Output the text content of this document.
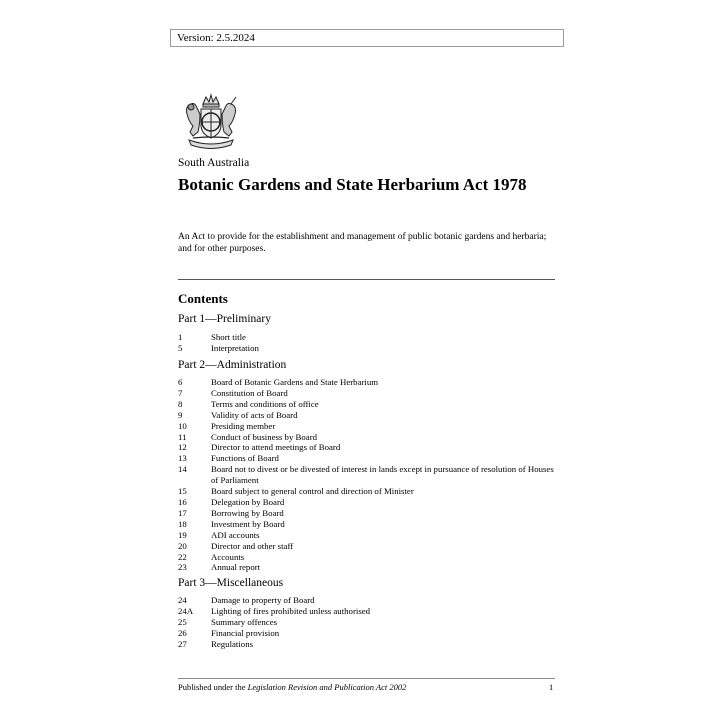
Version: 2.5.2024
South Australia
Botanic Gardens and State Herbarium Act 1978
An Act to provide for the establishment and management of public botanic gardens and herbaria; and for other purposes.
Contents
Part 1—Preliminary
1	Short title
5	Interpretation
Part 2—Administration
6	Board of Botanic Gardens and State Herbarium
7	Constitution of Board
8	Terms and conditions of office
9	Validity of acts of Board
10	Presiding member
11	Conduct of business by Board
12	Director to attend meetings of Board
13	Functions of Board
14	Board not to divest or be divested of interest in lands except in pursuance of resolution of Houses of Parliament
15	Board subject to general control and direction of Minister
16	Delegation by Board
17	Borrowing by Board
18	Investment by Board
19	ADI accounts
20	Director and other staff
22	Accounts
23	Annual report
Part 3—Miscellaneous
24	Damage to property of Board
24A	Lighting of fires prohibited unless authorised
25	Summary offences
26	Financial provision
27	Regulations
Published under the Legislation Revision and Publication Act 2002	1
